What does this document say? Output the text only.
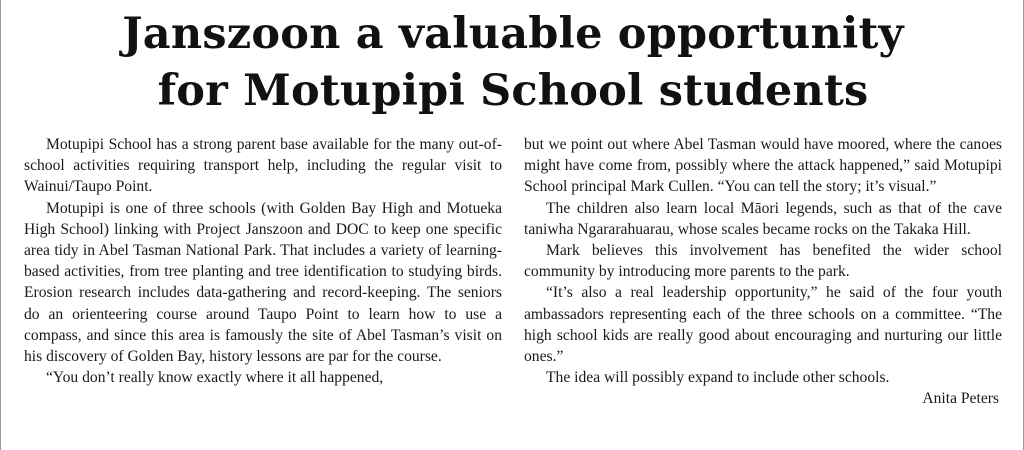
Janszoon a valuable opportunity
for Motupipi School students

Motupipi School has a strong parent base available for the many out-of-school activities requiring transport help, including the regular visit to Wainui/Taupo Point.

Motupipi is one of three schools (with Golden Bay High and Motueka High School) linking with Project Janszoon and DOC to keep one specific area tidy in Abel Tasman National Park. That includes a variety of learning-based activities, from tree planting and tree identification to studying birds. Erosion research includes data-gathering and record-keeping. The seniors do an orienteering course around Taupo Point to learn how to use a compass, and since this area is famously the site of Abel Tasman’s visit on his discovery of Golden Bay, history lessons are par for the course.

“You don’t really know exactly where it all happened,

but we point out where Abel Tasman would have moored, where the canoes might have come from, possibly where the attack happened,” said Motupipi School principal Mark Cullen. “You can tell the story; it’s visual.”

The children also learn local Māori legends, such as that of the cave taniwha Ngararahuarau, whose scales became rocks on the Takaka Hill.

Mark believes this involvement has benefited the wider school community by introducing more parents to the park.

“It’s also a real leadership opportunity,” he said of the four youth ambassadors representing each of the three schools on a committee. “The high school kids are really good about encouraging and nurturing our little ones.”

The idea will possibly expand to include other schools.

Anita Peters
